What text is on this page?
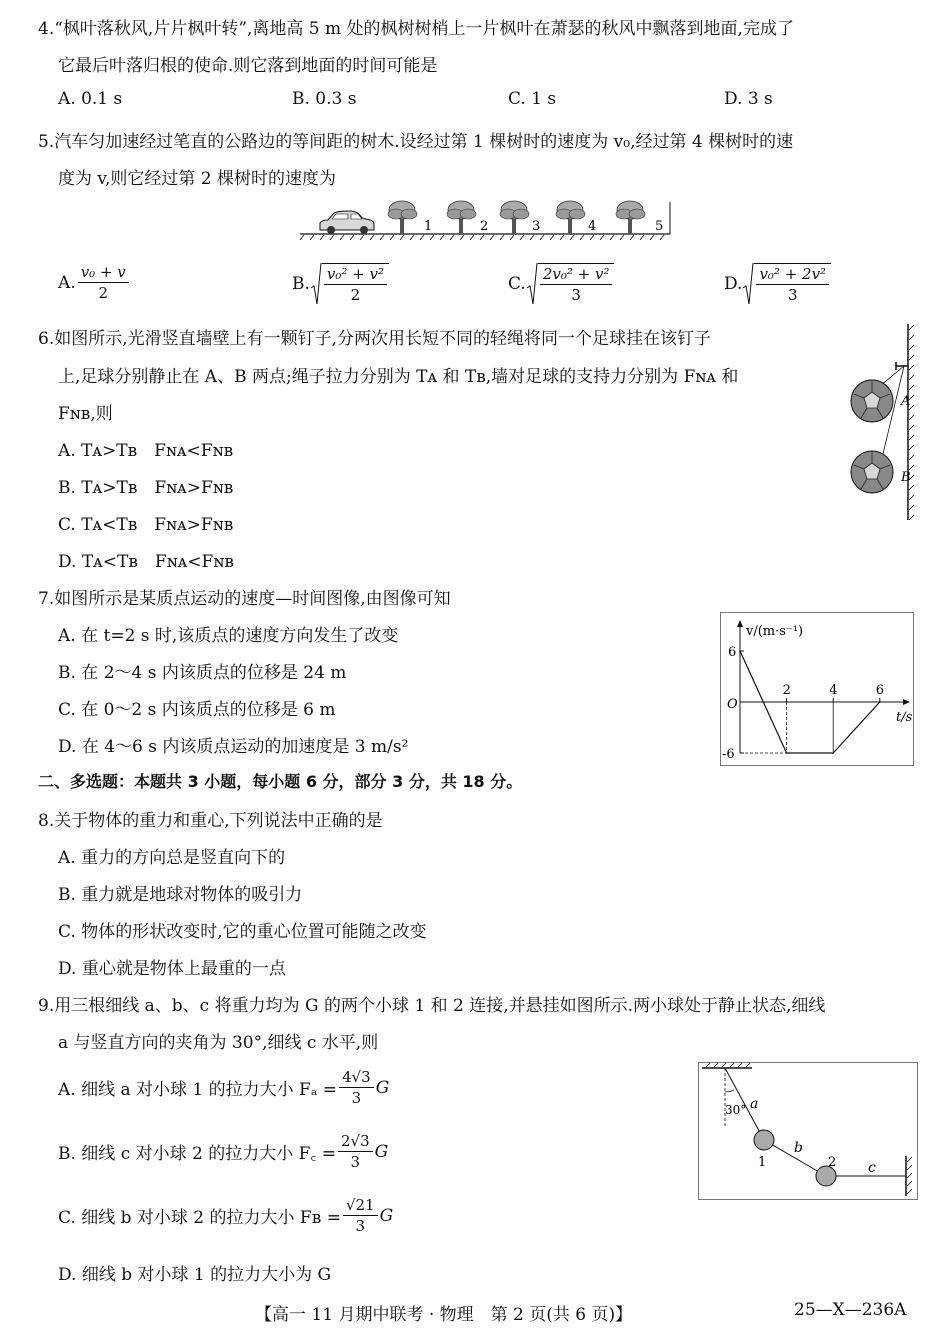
4.“枫叶落秋风,片片枫叶转”,离地高 5 m 处的枫树树梢上一片枫叶在萧瑟的秋风中飘落到地面,完成了
它最后叶落归根的使命.则它落到地面的时间可能是
A. 0.1 s	B. 0.3 s	C. 1 s	D. 3 s
5.汽车匀加速经过笔直的公路边的等间距的树木.设经过第 1 棵树时的速度为 v₀,经过第 4 棵树时的速
度为 v,则它经过第 2 棵树时的速度为
1	2	3	4	5
A. $\frac{\text{v₀ + v}}{2}$	B. $\frac{\text{v₀² + v²}}{2}$	C. $\frac{\text{2v₀² + v²}}{3}$	D. $\frac{\text{v₀² + 2v²}}{3}$
6.如图所示,光滑竖直墙壁上有一颗钉子,分两次用长短不同的轻绳将同一个足球挂在该钉子
上,足球分别静止在 A、B 两点;绳子拉力分别为 Tᴀ 和 Tʙ,墙对足球的支持力分别为 Fɴᴀ 和
Fɴʙ,则
A. Tᴀ>Tʙ　Fɴᴀ<Fɴʙ
B. Tᴀ>Tʙ　Fɴᴀ>Fɴʙ
C. Tᴀ<Tʙ　Fɴᴀ>Fɴʙ
D. Tᴀ<Tʙ　Fɴᴀ<Fɴʙ
A
B
7.如图所示是某质点运动的速度—时间图像,由图像可知
A. 在 t=2 s 时,该质点的速度方向发生了改变
B. 在 2～4 s 内该质点的位移是 24 m
C. 在 0～2 s 内该质点的位移是 6 m
D. 在 4～6 s 内该质点运动的加速度是 3 m/s²
v/(m·s⁻¹)
t/s
O
2	4	6
6
-6
二、多选题：本题共 3 小题，每小题 6 分，部分 3 分，共 18 分。
8.关于物体的重力和重心,下列说法中正确的是
A. 重力的方向总是竖直向下的
B. 重力就是地球对物体的吸引力
C. 物体的形状改变时,它的重心位置可能随之改变
D. 重心就是物体上最重的一点
9.用三根细线 a、b、c 将重力均为 G 的两个小球 1 和 2 连接,并悬挂如图所示.两小球处于静止状态,细线
a 与竖直方向的夹角为 30°,细线 c 水平,则
A. 细线 a 对小球 1 的拉力大小 $F_a = \frac{4√3}{3}$ G
B. 细线 c 对小球 2 的拉力大小 F꜀ = $\frac{2√3}{3}$ G
C. 细线 b 对小球 2 的拉力大小 Fʙ = $\frac{√21}{3}$ G
D. 细线 b 对小球 1 的拉力大小为 G
30° a
b
c
1	2
【高一 11 月期中联考 · 物理　第 2 页(共 6 页)】	25—X—236A
